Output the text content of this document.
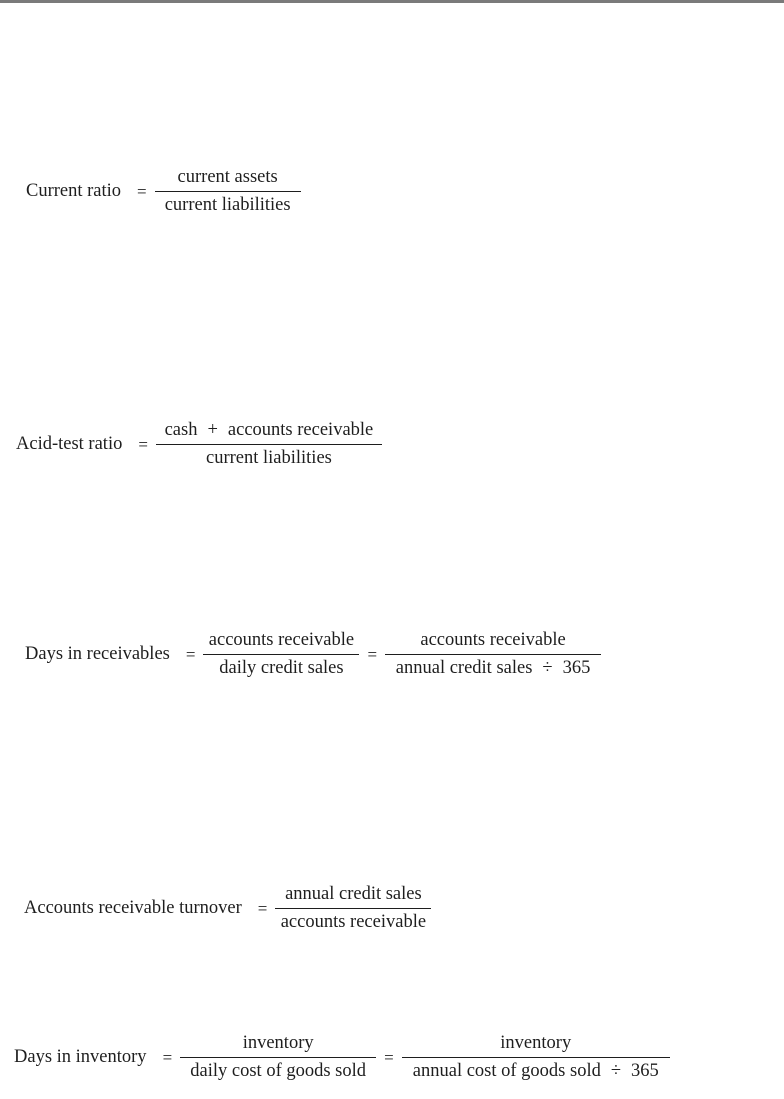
Current ratio = $\frac{\text{current assets}}{\text{current liabilities}}$
Acid-test ratio = $\frac{\text{cash + accounts receivable}}{\text{current liabilities}}$
Days in receivables = $\frac{\text{accounts receivable}}{\text{daily credit sales}} = \frac{\text{accounts receivable}}{\text{annual credit sales ÷ 365}}$
Accounts receivable turnover = $\frac{\text{annual credit sales}}{\text{accounts receivable}}$
Days in inventory = $\frac{\text{inventory}}{\text{daily cost of goods sold}} = \frac{\text{inventory}}{\text{annual cost of goods sold ÷ 365}}$
